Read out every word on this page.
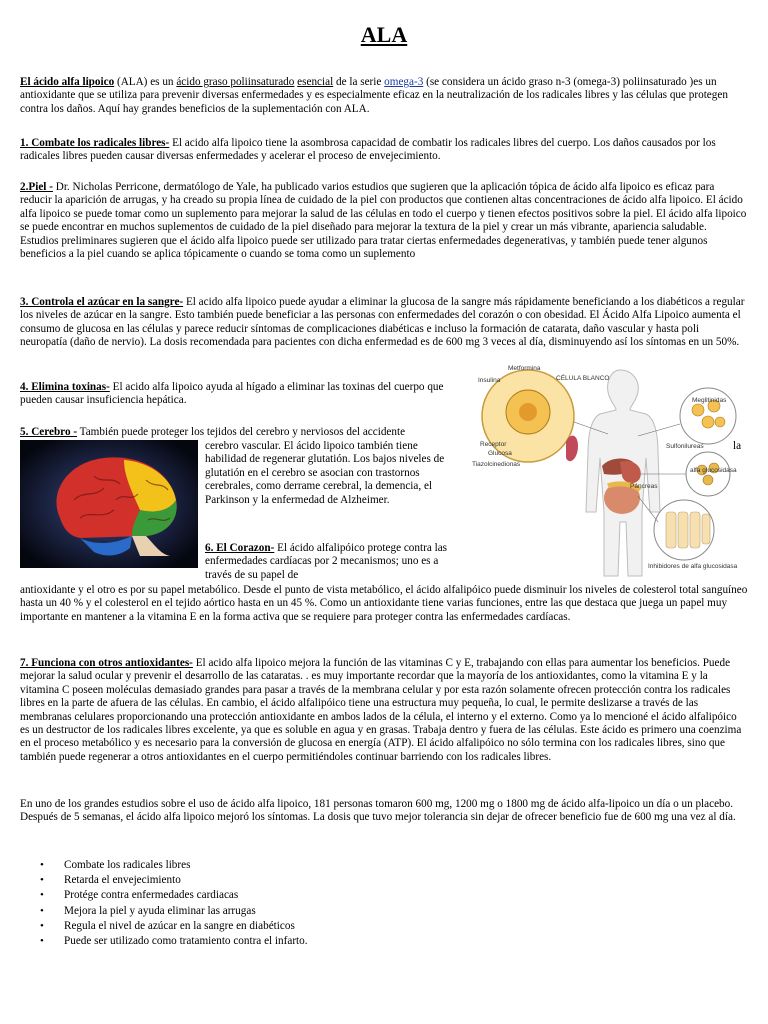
ALA

El ácido alfa lipoico (ALA) es un ácido graso poliinsaturado esencial de la serie omega-3 (se considera un ácido graso n-3 (omega-3) poliinsaturado )es un antioxidante que se utiliza para prevenir diversas enfermedades y es especialmente eficaz en la neutralización de los radicales libres y las células que protegen contra los daños. Aquí hay grandes beneficios de la suplementación con ALA.

1. Combate los radicales libres- El acido alfa lipoico tiene la asombrosa capacidad de combatir los radicales libres del cuerpo. Los daños causados por los radicales libres pueden causar diversas enfermedades y acelerar el proceso de envejecimiento.

2.Piel - Dr. Nicholas Perricone, dermatólogo de Yale, ha publicado varios estudios que sugieren que la aplicación tópica de ácido alfa lipoico es eficaz para reducir la aparición de arrugas, y ha creado su propia línea de cuidado de la piel con productos que contienen altas concentraciones de ácido alfa lipoico. El ácido alfa lipoico se puede tomar como un suplemento para mejorar la salud de las células en todo el cuerpo y tienen efectos positivos sobre la piel. El ácido alfa lipoico se puede encontrar en muchos suplementos de cuidado de la piel diseñado para mejorar la textura de la piel y crear un más vibrante, apariencia saludable. Estudios preliminares sugieren que el ácido alfa lipoico puede ser utilizado para tratar ciertas enfermedades degenerativas, y también puede tener algunos beneficios a la piel cuando se aplica tópicamente o cuando se toma como un suplemento

3. Controla el azúcar en la sangre- El acido alfa lipoico puede ayudar a eliminar la glucosa de la sangre más rápidamente beneficiando a los diabéticos a regular los niveles de azúcar en la sangre. Esto también puede beneficiar a las personas con enfermedades del corazón o con obesidad. El Ácido Alfa Lipoico aumenta el consumo de glucosa en las células y parece reducir síntomas de complicaciones diabéticas e incluso la formación de catarata, daño vascular y hasta poli neuropatía (daño de nervio). La dosis recomendada para pacientes con dicha enfermedad es de 600 mg 3 veces al día, disminuyendo así los síntomas en un 50%.

4. Elimina toxinas- El acido alfa lipoico ayuda al hígado a eliminar las toxinas del cuerpo que pueden causar insuficiencia hepática.

5. Cerebro - También puede proteger los tejidos del cerebro y nerviosos del accidente

cerebro vascular. El ácido lipoico también tiene

habilidad de regenerar glutatión. Los bajos niveles de glutatión en el cerebro se asocian con trastornos cerebrales, como derrame cerebral, la demencia, el Parkinson y la enfermedad de Alzheimer.

la
Metformina
Insulina	CÉLULA BLANCO
Receptor
Glucosa
Tiazolcinedionas
Meglitinidas
Sulfonilureas
alfa glucosidasa
Páncreas
Inhibidores de alfa glucosidasa

6. El Corazon- El ácido alfalipóico protege contra las enfermedades cardíacas por 2 mecanismos; uno es a través de su papel de

antioxidante y el otro es por su papel metabólico. Desde el punto de vista metabólico, el ácido alfalipóico puede disminuir los niveles de colesterol total sanguíneo hasta un 40 % y el colesterol en el tejido aórtico hasta en un 45 %. Como un antioxidante tiene varias funciones, entre las que destaca que juega un papel muy importante en mantener a la vitamina E en la forma activa que se requiere para proteger contra las enfermedades cardíacas.

7. Funciona con otros antioxidantes- El acido alfa lipoico mejora la función de las vitaminas C y E, trabajando con ellas para aumentar los beneficios. Puede mejorar la salud ocular y prevenir el desarrollo de las cataratas. . es muy importante recordar que la mayoría de los antioxidantes, como la vitamina E y la vitamina C poseen moléculas demasiado grandes para pasar a través de la membrana celular y por esta razón solamente ofrecen protección contra los radicales libres en la parte de afuera de las células. En cambio, el ácido alfalipóico tiene una estructura muy pequeña, lo cual, le permite deslizarse a través de las membranas celulares proporcionando una protección antioxidante en ambos lados de la célula, el interno y el externo. Como ya lo mencioné el ácido alfalipóico es un destructor de los radicales libres excelente, ya que es soluble en agua y en grasas. Trabaja dentro y fuera de las células. Este ácido es primero una coenzima en el proceso metabólico y es necesario para la conversión de glucosa en energía (ATP). El ácido alfalipóico no sólo termina con los radicales libres, sino que también puede regenerar a otros antioxidantes en el cuerpo permitiéndoles continuar barriendo con los radicales libres.

En uno de los grandes estudios sobre el uso de ácido alfa lipoico, 181 personas tomaron 600 mg, 1200 mg o 1800 mg de ácido alfa-lipoico un día o un placebo. Después de 5 semanas, el ácido alfa lipoico mejoró los síntomas. La dosis que tuvo mejor tolerancia sin dejar de ofrecer beneficio fue de 600 mg una vez al día.

• Combate los radicales libres
• Retarda el envejecimiento
• Protége contra enfermedades cardiacas
• Mejora la piel y ayuda eliminar las arrugas
• Regula el nivel de azúcar en la sangre en diabéticos
• Puede ser utilizado como tratamiento contra el infarto.
